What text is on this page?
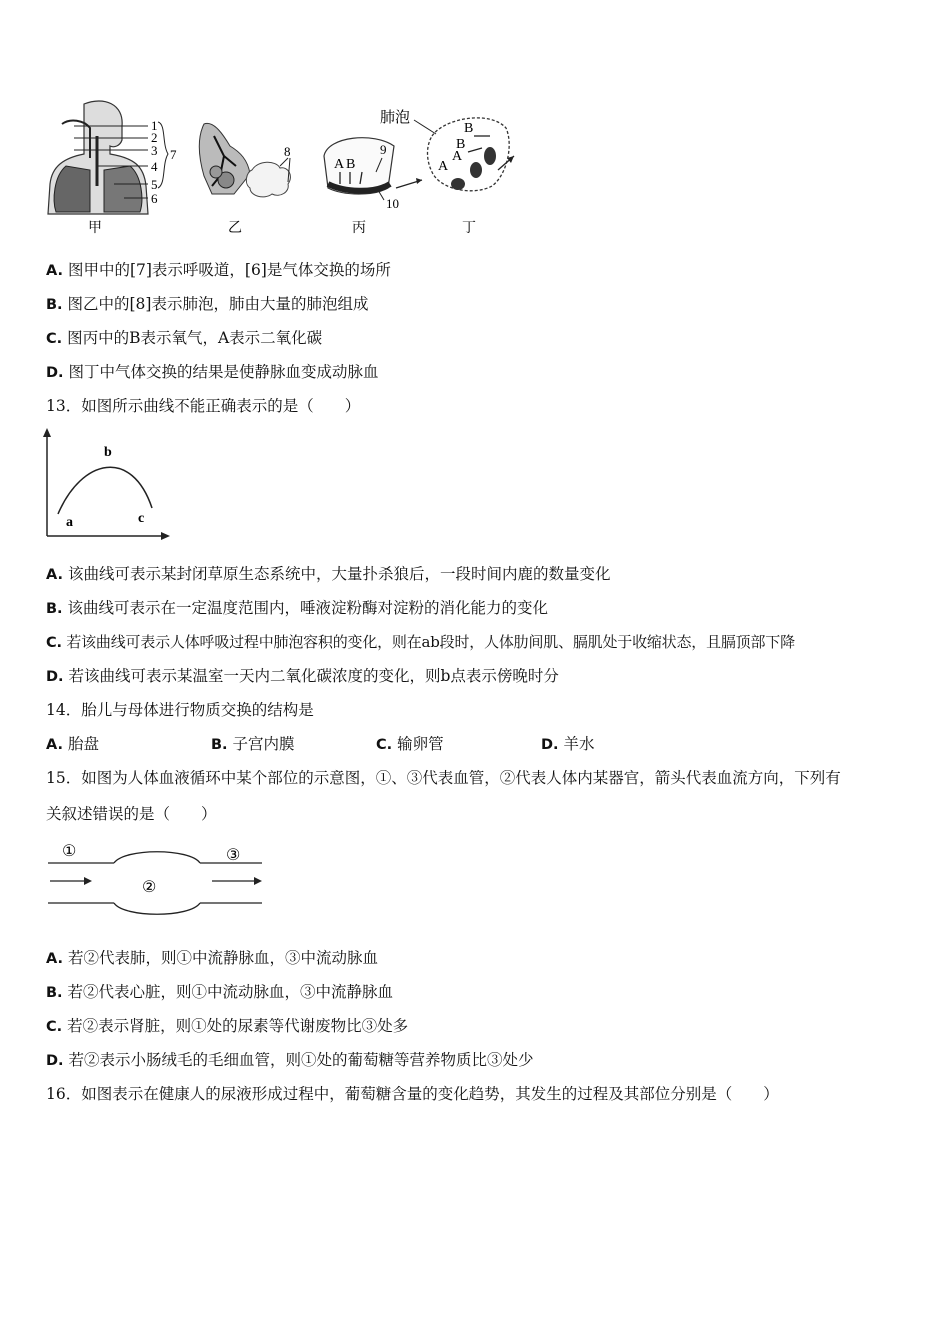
1
2
3
4
5
6
7
甲
8
乙
A B
9
10
丙
肺泡
B
B
A
A
丁
A. 图甲中的[7]表示呼吸道，[6]是气体交换的场所
B. 图乙中的[8]表示肺泡，肺由大量的肺泡组成
C. 图丙中的B表示氧气，A表示二氧化碳
D. 图丁中气体交换的结果是使静脉血变成动脉血
13．如图所示曲线不能正确表示的是（　　）
a
b
c
A. 该曲线可表示某封闭草原生态系统中，大量扑杀狼后，一段时间内鹿的数量变化
B. 该曲线可表示在一定温度范围内，唾液淀粉酶对淀粉的消化能力的变化
C. 若该曲线可表示人体呼吸过程中肺泡容积的变化，则在ab段时，人体肋间肌、膈肌处于收缩状态，且膈顶部下降
D. 若该曲线可表示某温室一天内二氧化碳浓度的变化，则b点表示傍晚时分
14．胎儿与母体进行物质交换的结构是
A. 胎盘	B. 子宫内膜	C. 输卵管	D. 羊水
15．如图为人体血液循环中某个部位的示意图，①、③代表血管，②代表人体内某器官，箭头代表血流方向，下列有
关叙述错误的是（　　）
①
②
③
A. 若②代表肺，则①中流静脉血，③中流动脉血
B. 若②代表心脏，则①中流动脉血，③中流静脉血
C. 若②表示肾脏，则①处的尿素等代谢废物比③处多
D. 若②表示小肠绒毛的毛细血管，则①处的葡萄糖等营养物质比③处少
16．如图表示在健康人的尿液形成过程中，葡萄糖含量的变化趋势，其发生的过程及其部位分别是（　　）
